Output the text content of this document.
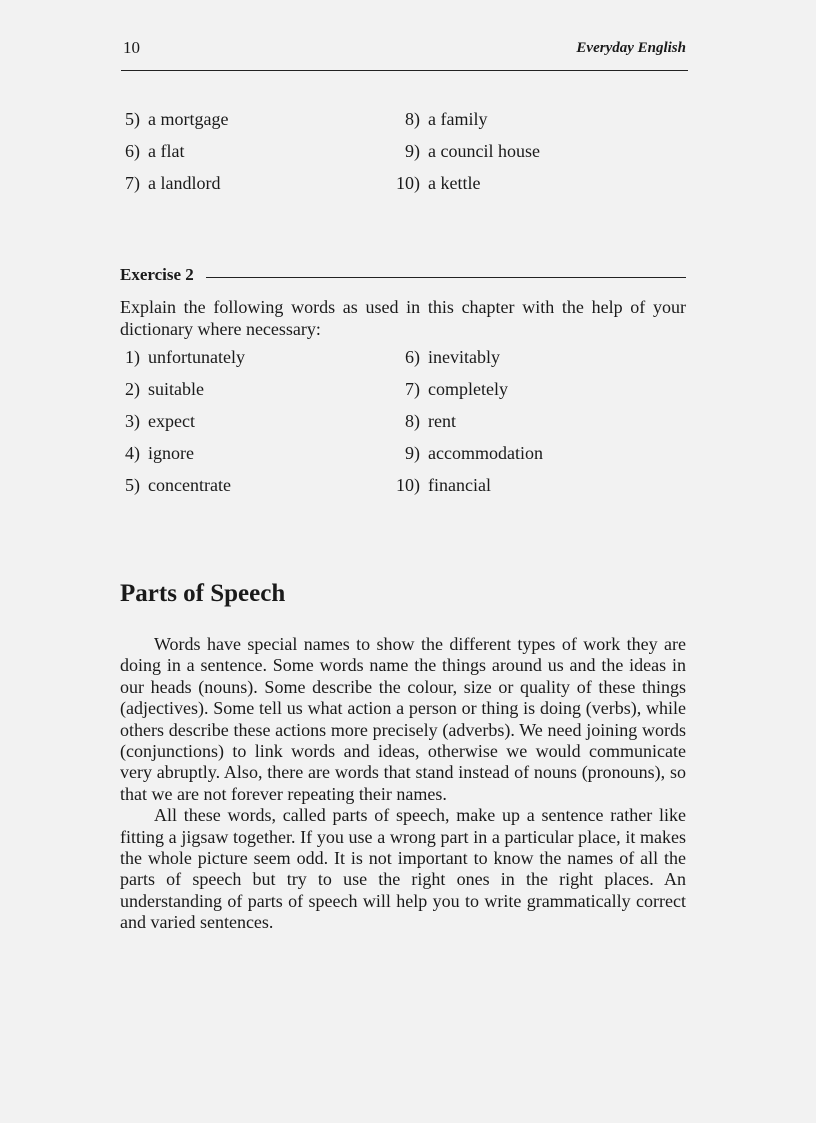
10	Everyday English
5) a mortgage	8) a family
6) a flat	9) a council house
7) a landlord	10) a kettle
Exercise 2
Explain the following words as used in this chapter with the help of your dictionary where necessary:
1) unfortunately	6) inevitably
2) suitable	7) completely
3) expect	8) rent
4) ignore	9) accommodation
5) concentrate	10) financial
Parts of Speech

Words have special names to show the different types of work they are doing in a sentence. Some words name the things around us and the ideas in our heads (nouns). Some describe the colour, size or quality of these things (adjectives). Some tell us what action a person or thing is doing (verbs), while others describe these actions more precisely (adverbs). We need joining words (conjunctions) to link words and ideas, otherwise we would communicate very abruptly. Also, there are words that stand instead of nouns (pronouns), so that we are not forever repeating their names.

All these words, called parts of speech, make up a sentence rather like fitting a jigsaw together. If you use a wrong part in a particular place, it makes the whole picture seem odd. It is not important to know the names of all the parts of speech but try to use the right ones in the right places. An understanding of parts of speech will help you to write grammatically correct and varied sentences.
